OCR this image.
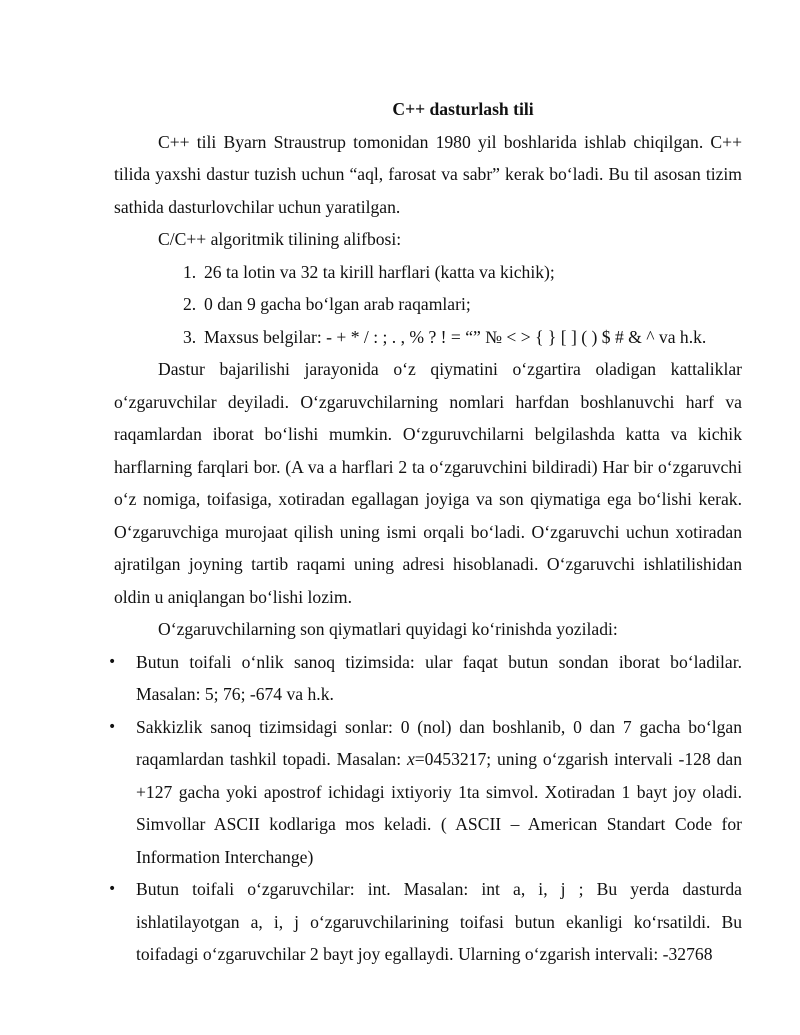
C++ dasturlash tili

C++ tili Byarn Straustrup tomonidan 1980 yil boshlarida ishlab chiqilgan. C++ tilida yaxshi dastur tuzish uchun “aql, farosat va sabr” kerak bo‘ladi. Bu til asosan tizim sathida dasturlovchilar uchun yaratilgan.

C/C++ algoritmik tilining alifbosi:

1. 26 ta lotin va 32 ta kirill harflari (katta va kichik);
2. 0 dan 9 gacha bo‘lgan arab raqamlari;
3. Maxsus belgilar: - + * / : ; . , % ? ! = “” № < > { } [ ] ( ) $ # & ^ va h.k.

Dastur bajarilishi jarayonida o‘z qiymatini o‘zgartira oladigan kattaliklar o‘zgaruvchilar deyiladi. O‘zgaruvchilarning nomlari harfdan boshlanuvchi harf va raqamlardan iborat bo‘lishi mumkin. O‘zguruvchilarni belgilashda katta va kichik harflarning farqlari bor. (A va a harflari 2 ta o‘zgaruvchini bildiradi) Har bir o‘zgaruvchi o‘z nomiga, toifasiga, xotiradan egallagan joyiga va son qiymatiga ega bo‘lishi kerak. O‘zgaruvchiga murojaat qilish uning ismi orqali bo‘ladi. O‘zgaruvchi uchun xotiradan ajratilgan joyning tartib raqami uning adresi hisoblanadi. O‘zgaruvchi ishlatilishidan oldin u aniqlangan bo‘lishi lozim.

O‘zgaruvchilarning son qiymatlari quyidagi ko‘rinishda yoziladi:

• Butun toifali o‘nlik sanoq tizimsida: ular faqat butun sondan iborat bo‘ladilar. Masalan: 5; 76; -674 va h.k.
• Sakkizlik sanoq tizimsidagi sonlar: 0 (nol) dan boshlanib, 0 dan 7 gacha bo‘lgan raqamlardan tashkil topadi. Masalan: x=0453217; uning o‘zgarish intervali -128 dan +127 gacha yoki apostrof ichidagi ixtiyoriy 1ta simvol. Xotiradan 1 bayt joy oladi. Simvollar ASCII kodlariga mos keladi. ( ASCII – American Standart Code for Information Interchange)
• Butun toifali o‘zgaruvchilar: int. Masalan: int a, i, j ; Bu yerda dasturda ishlatilayotgan a, i, j o‘zgaruvchilarining toifasi butun ekanligi ko‘rsatildi. Bu toifadagi o‘zgaruvchilar 2 bayt joy egallaydi. Ularning o‘zgarish intervali: -32768
